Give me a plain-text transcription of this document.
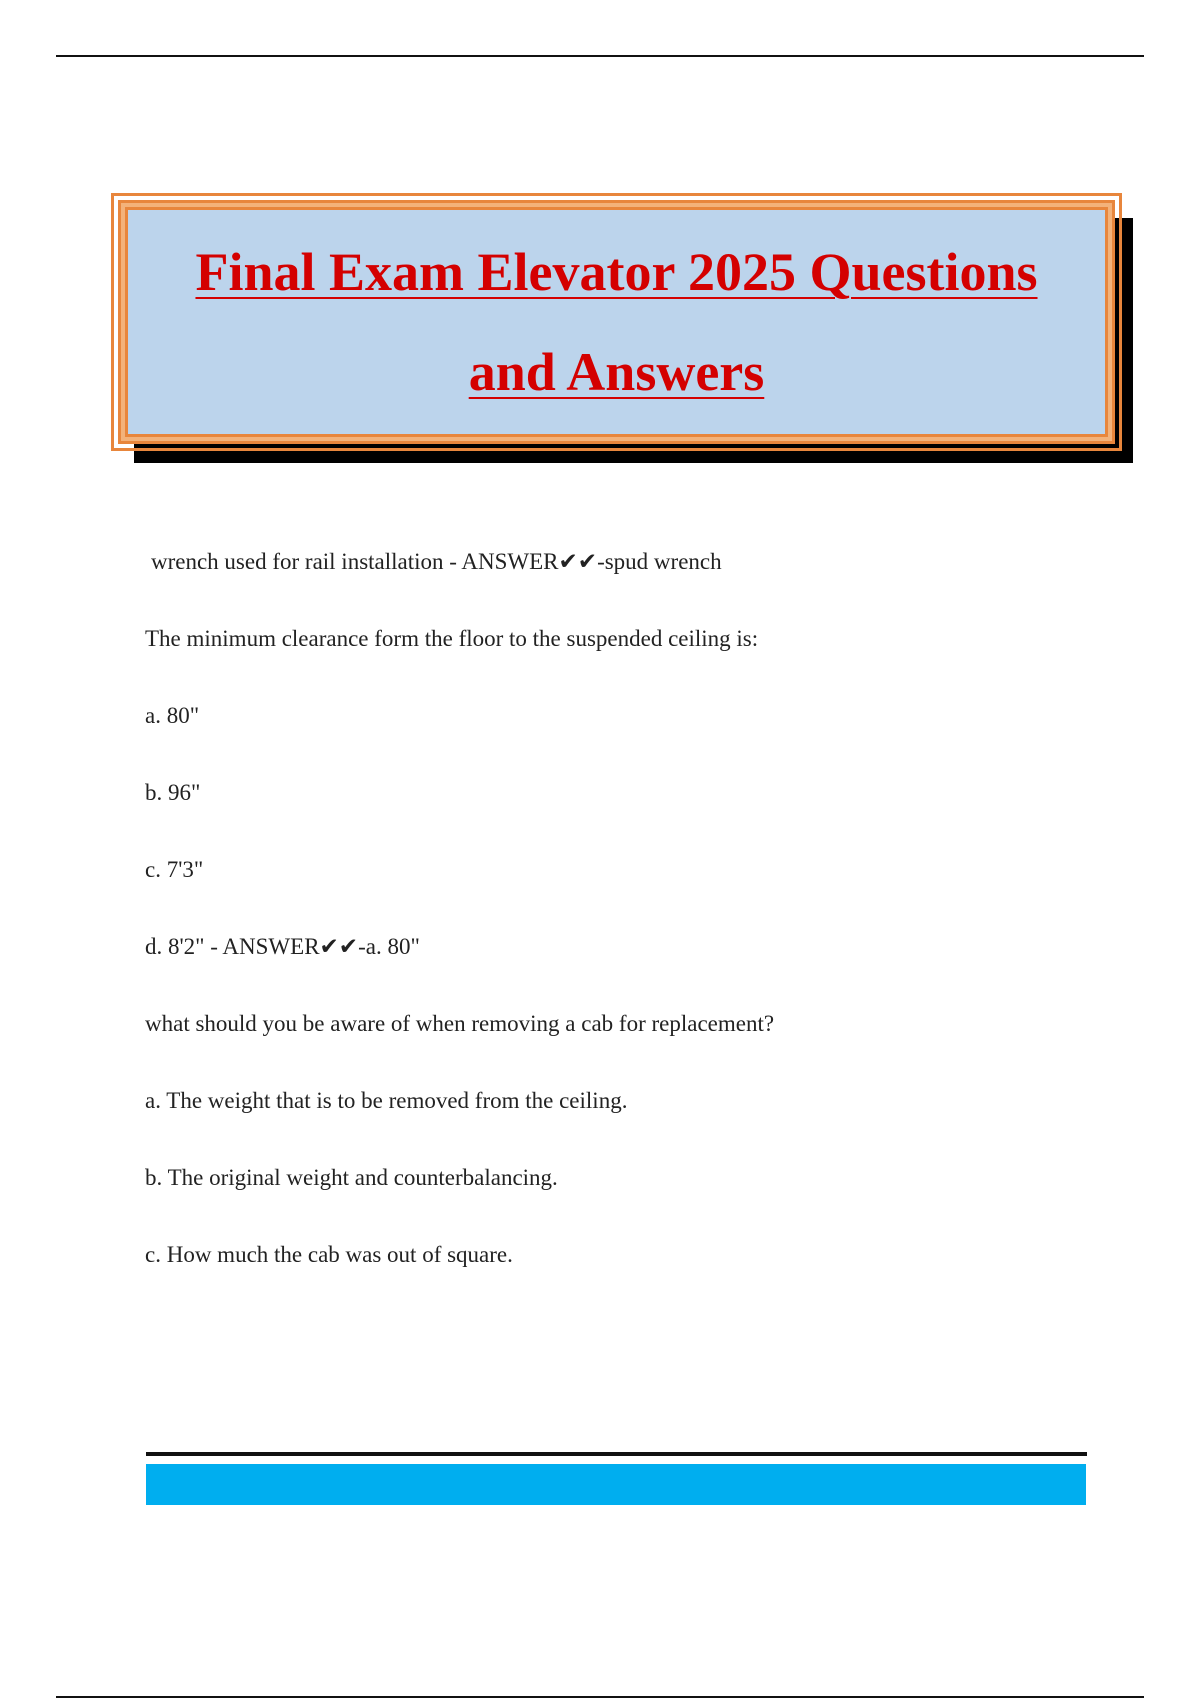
Final Exam Elevator 2025 Questions
and Answers
wrench used for rail installation - ANSWER✔✔-spud wrench
The minimum clearance form the floor to the suspended ceiling is:
a. 80"
b. 96"
c. 7'3"
d. 8'2" - ANSWER✔✔-a. 80"
what should you be aware of when removing a cab for replacement?
a. The weight that is to be removed from the ceiling.
b. The original weight and counterbalancing.
c. How much the cab was out of square.
